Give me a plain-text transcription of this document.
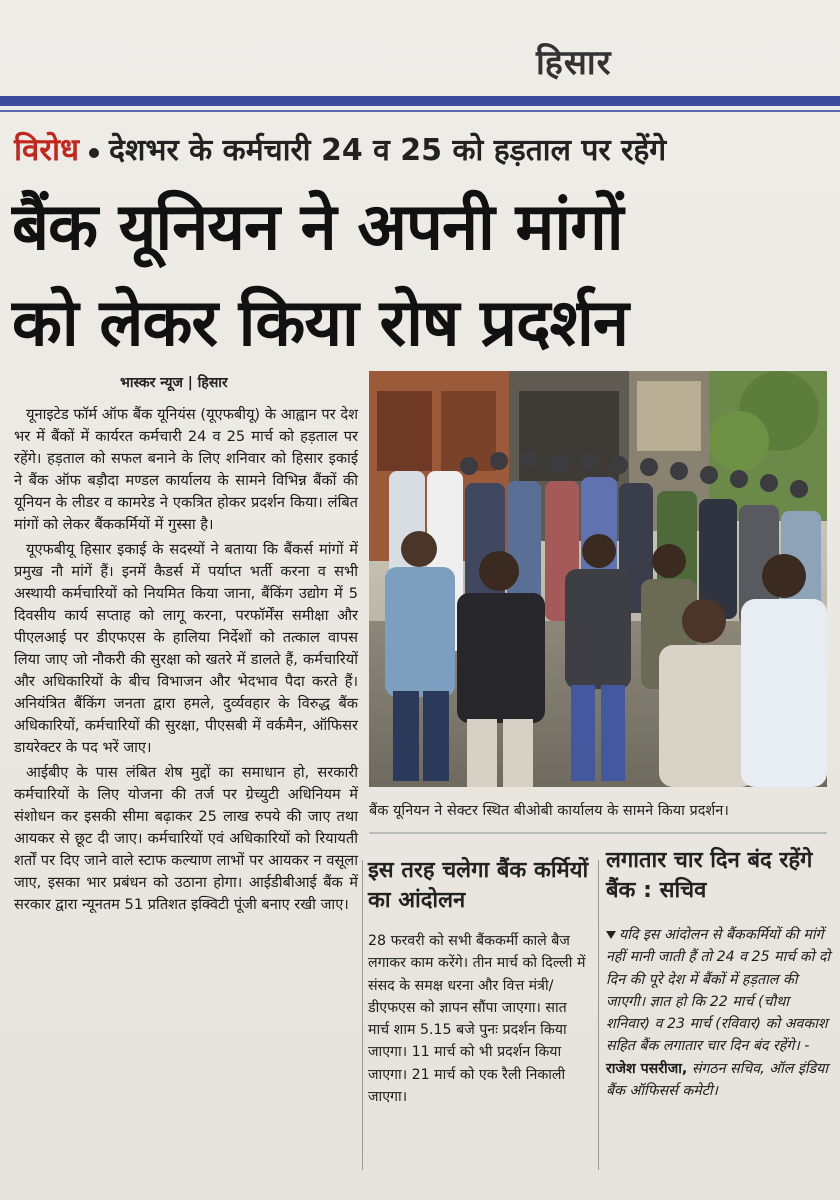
हिसार
विरोध देशभर के कर्मचारी 24 व 25 को हड़ताल पर रहेंगे
बैंक यूनियन ने अपनी मांगों
को लेकर किया रोष प्रदर्शन
भास्कर न्यूज | हिसार

यूनाइटेड फॉर्म ऑफ बैंक यूनियंस (यूएफबीयू) के आह्वान पर देश भर में बैंकों में कार्यरत कर्मचारी 24 व 25 मार्च को हड़ताल पर रहेंगे। हड़ताल को सफल बनाने के लिए शनिवार को हिसार इकाई ने बैंक ऑफ बड़ौदा मण्डल कार्यालय के सामने विभिन्न बैंकों की यूनियन के लीडर व कामरेड ने एकत्रित होकर प्रदर्शन किया। लंबित मांगों को लेकर बैंककर्मियों में गुस्सा है।

यूएफबीयू हिसार इकाई के सदस्यों ने बताया कि बैंकर्स मांगों में प्रमुख नौ मांगें हैं। इनमें कैडर्स में पर्याप्त भर्ती करना व सभी अस्थायी कर्मचारियों को नियमित किया जाना, बैंकिंग उद्योग में 5 दिवसीय कार्य सप्ताह को लागू करना, परफॉर्मेंस समीक्षा और पीएलआई पर डीएफएस के हालिया निर्देशों को तत्काल वापस लिया जाए जो नौकरी की सुरक्षा को खतरे में डालते हैं, कर्मचारियों और अधिकारियों के बीच विभाजन और भेदभाव पैदा करते हैं। अनियंत्रित बैंकिंग जनता द्वारा हमले, दुर्व्यवहार के विरुद्ध बैंक अधिकारियों, कर्मचारियों की सुरक्षा, पीएसबी में वर्कमैन, ऑफिसर डायरेक्टर के पद भरें जाए।

आईबीए के पास लंबित शेष मुद्दों का समाधान हो, सरकारी कर्मचारियों के लिए योजना की तर्ज पर ग्रेच्युटी अधिनियम में संशोधन कर इसकी सीमा बढ़ाकर 25 लाख रुपये की जाए तथा आयकर से छूट दी जाए। कर्मचारियों एवं अधिकारियों को रियायती शर्तों पर दिए जाने वाले स्टाफ कल्याण लाभों पर आयकर न वसूला जाए, इसका भार प्रबंधन को उठाना होगा। आईडीबीआई बैंक में सरकार द्वारा न्यूनतम 51 प्रतिशत इक्विटी पूंजी बनाए रखी जाए।

बैंक यूनियन ने सेक्टर स्थित बीओबी कार्यालय के सामने किया प्रदर्शन।
इस तरह चलेगा बैंक कर्मियों का आंदोलन
28 फरवरी को सभी बैंककर्मी काले बैज लगाकर काम करेंगे। तीन मार्च को दिल्ली में संसद के समक्ष धरना और वित्त मंत्री/डीएफएस को ज्ञापन सौंपा जाएगा। सात मार्च शाम 5.15 बजे पुनः प्रदर्शन किया जाएगा। 11 मार्च को भी प्रदर्शन किया जाएगा। 21 मार्च को एक रैली निकाली जाएगा।
लगातार चार दिन बंद रहेंगे बैंक : सचिव
यदि इस आंदोलन से बैंककर्मियों की मांगें नहीं मानी जाती हैं तो 24 व 25 मार्च को दो दिन की पूरे देश में बैंकों में हड़ताल की जाएगी। ज्ञात हो कि 22 मार्च (चौथा शनिवार) व 23 मार्च (रविवार) को अवकाश सहित बैंक लगातार चार दिन बंद रहेंगे। - राजेश पसरीजा, संगठन सचिव, ऑल इंडिया बैंक ऑफिसर्स कमेटी।
